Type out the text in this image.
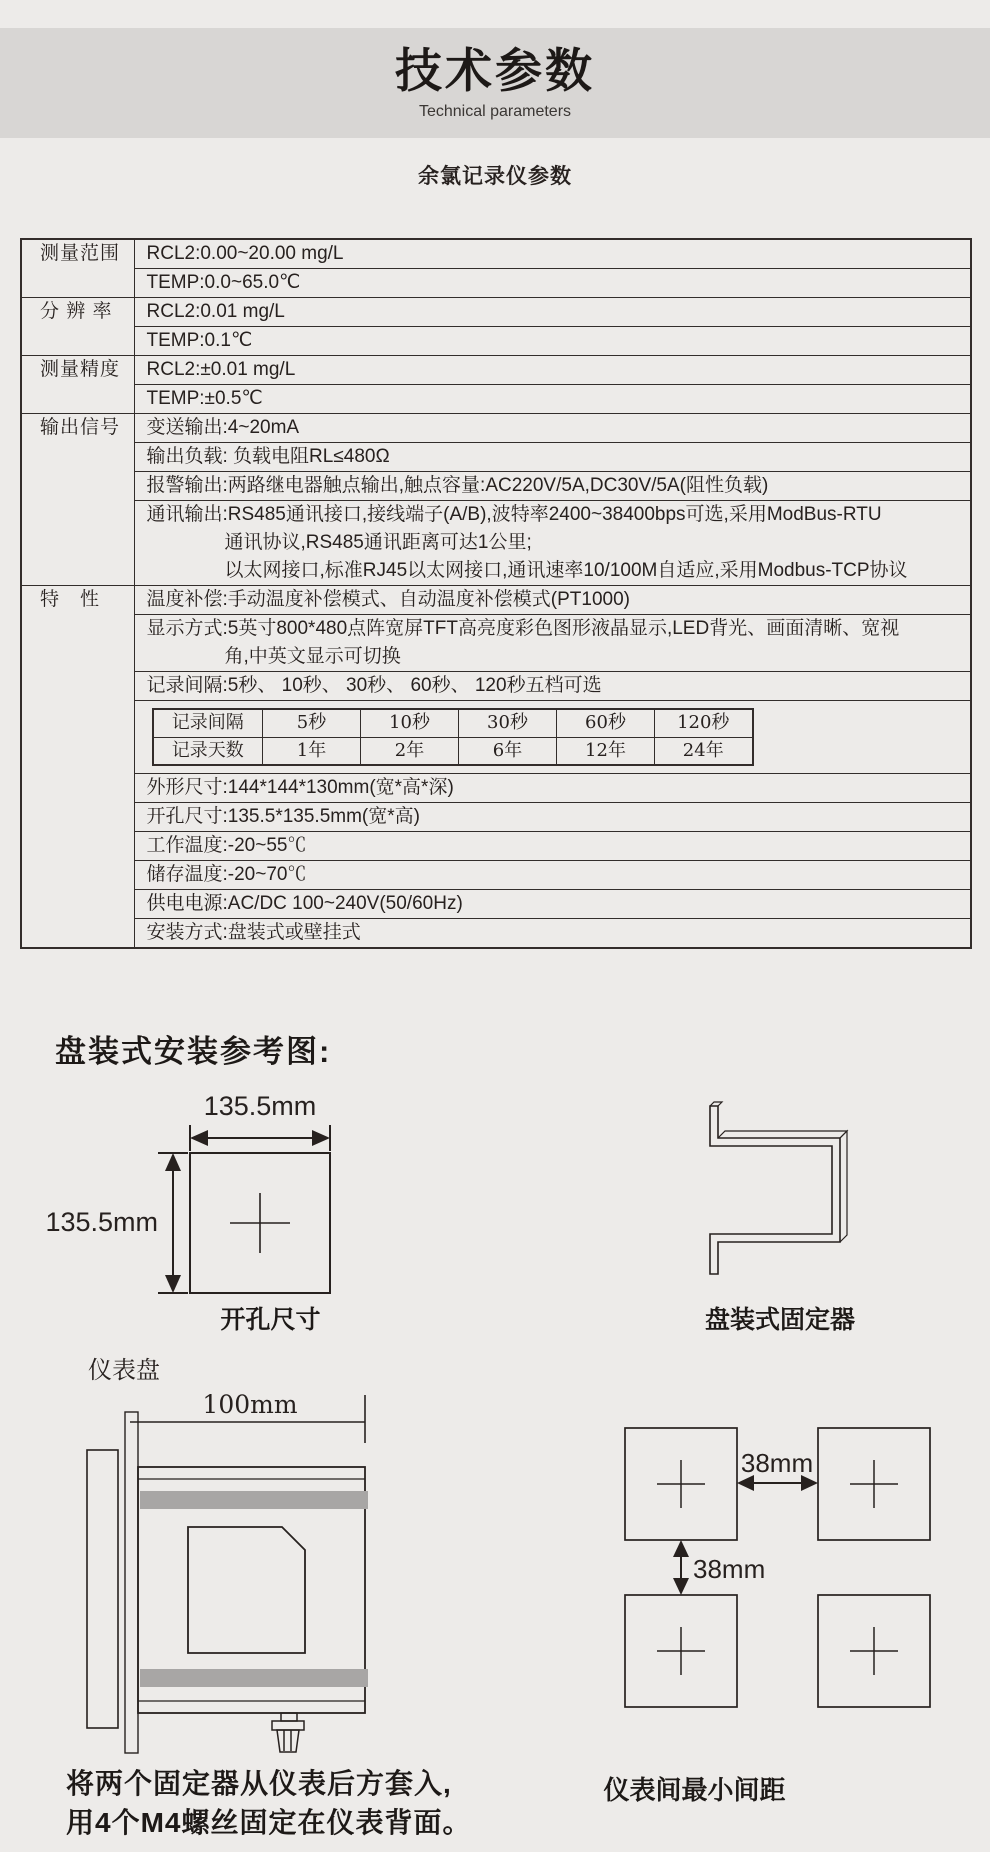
技术参数
Technical parameters
余氯记录仪参数
测量范围	RCL2:0.00~20.00 mg/L
TEMP:0.0~65.0℃
分 辨 率	RCL2:0.01 mg/L
TEMP:0.1℃
测量精度	RCL2:±0.01 mg/L
TEMP:±0.5℃
输出信号	变送输出:4~20mA
输出负载: 负载电阻RL≤480Ω
报警输出:两路继电器触点输出,触点容量:AC220V/5A,DC30V/5A(阻性负载)

通讯输出:RS485通讯接口,接线端子(A/B),波特率2400~38400bps可选,采用ModBus-RTU
通讯协议,RS485通讯距离可达1公里;
以太网接口,标准RJ45以太网接口,通讯速率10/100M自适应,采用Modbus-TCP协议

特　性	温度补偿:手动温度补偿模式、自动温度补偿模式(PT1000)

显示方式:5英寸800*480点阵宽屏TFT高亮度彩色图形液晶显示,LED背光、画面清晰、宽视
角,中英文显示可切换

记录间隔:5秒、 10秒、 30秒、 60秒、 120秒五档可选

记录间隔	5秒	10秒	30秒	60秒	120秒
记录天数	1年	2年	6年	12年	24年

外形尺寸:144*144*130mm(宽*高*深)
开孔尺寸:135.5*135.5mm(宽*高)
工作温度:-20~55℃
储存温度:-20~70℃
供电电源:AC/DC 100~240V(50/60Hz)
安装方式:盘装式或壁挂式
盘装式安装参考图:
135.5mm
135.5mm
开孔尺寸	盘装式固定器
仪表盘
100mm
38mm
38mm
仪表间最小间距
将两个固定器从仪表后方套入,
用4个M4螺丝固定在仪表背面。
